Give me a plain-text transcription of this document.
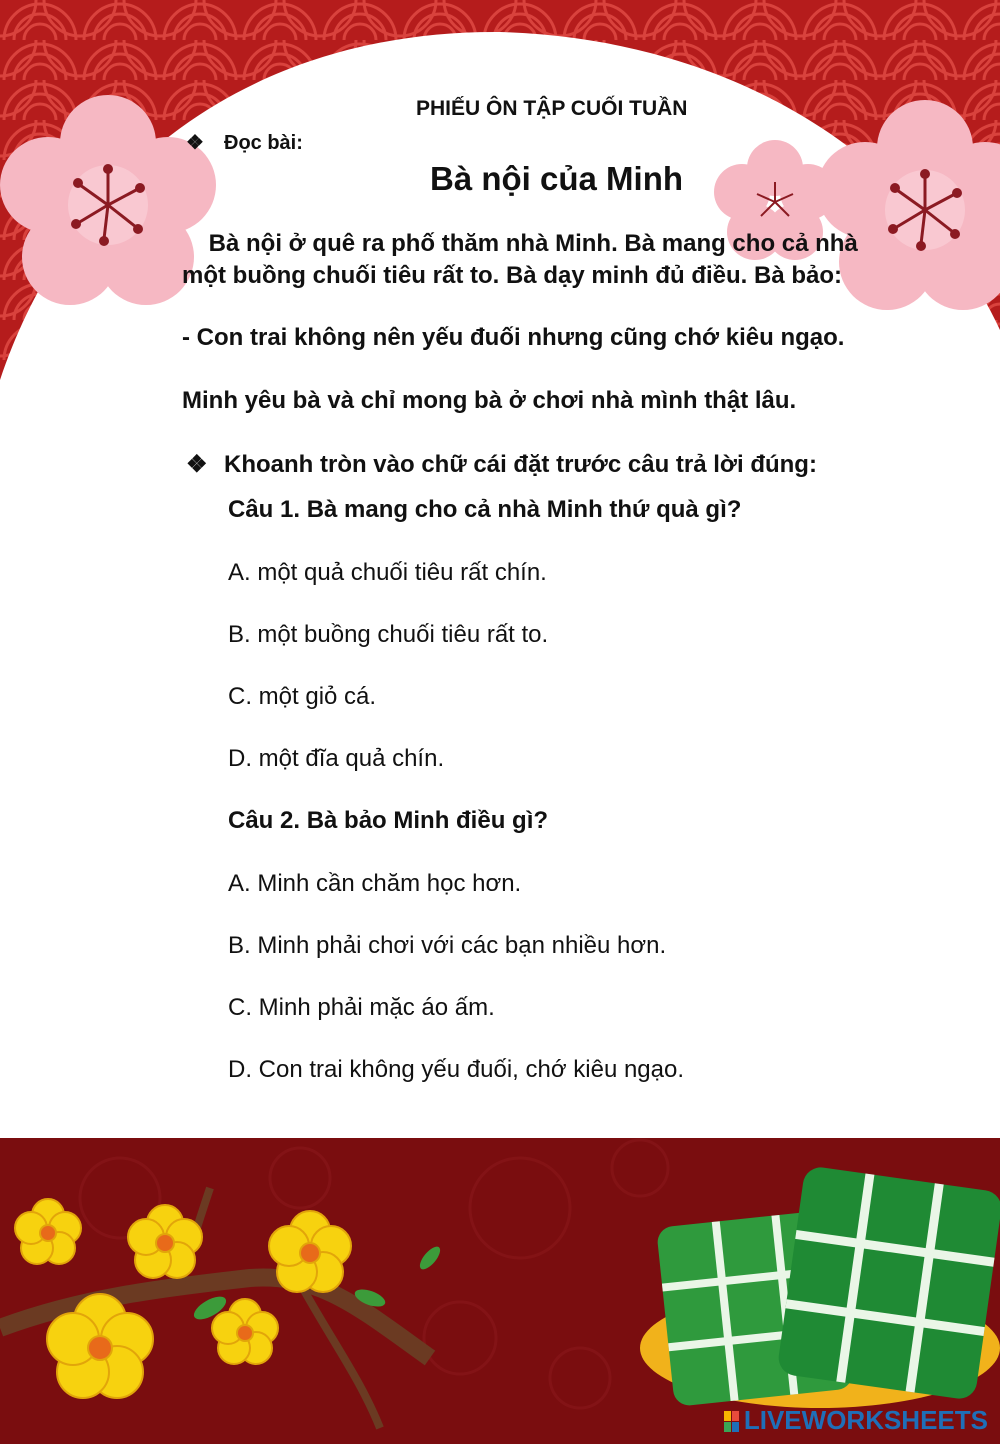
PHIẾU ÔN TẬP CUỐI TUẦN
❖ Đọc bài:
Bà nội của Minh
Bà nội ở quê ra phố thăm nhà Minh. Bà mang cho cả nhà
một buồng chuối tiêu rất to. Bà dạy minh đủ điều. Bà bảo:
- Con trai không nên yếu đuối nhưng cũng chớ kiêu ngạo.
Minh yêu bà và chỉ mong bà ở chơi nhà mình thật lâu.
❖ Khoanh tròn vào chữ cái đặt trước câu trả lời đúng:
Câu 1. Bà mang cho cả nhà Minh thứ quà gì?
A. một quả chuối tiêu rất chín.
B. một buồng chuối tiêu rất to.
C. một giỏ cá.
D. một đĩa quả chín.
Câu 2. Bà bảo Minh điều gì?
A. Minh cần chăm học hơn.
B. Minh phải chơi với các bạn nhiều hơn.
C. Minh phải mặc áo ấm.
D. Con trai không yếu đuối, chớ kiêu ngạo.
LIVEWORKSHEETS
